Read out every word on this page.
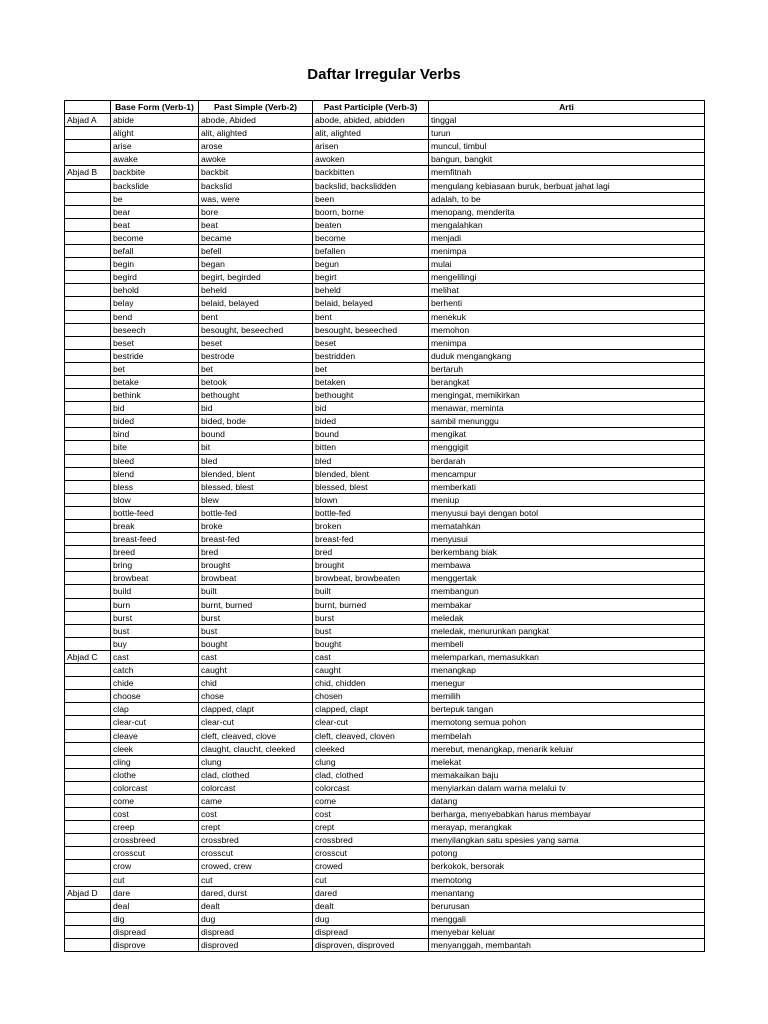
Daftar Irregular Verbs
	Base Form (Verb-1)	Past Simple (Verb-2)	Past Participle (Verb-3)	Arti
Abjad A	abide	abode, Abided	abode, abided, abidden	tinggal
	alight	alit, alighted	alit, alighted	turun
	arise	arose	arisen	muncul, timbul
	awake	awoke	awoken	bangun, bangkit
Abjad B	backbite	backbit	backbitten	memfitnah
	backslide	backslid	backslid, backslidden	mengulang kebiasaan buruk, berbuat jahat lagi
	be	was, were	been	adalah, to be
	bear	bore	boorn, borne	menopang, menderita
	beat	beat	beaten	mengalahkan
	become	became	become	menjadi
	befall	befell	befallen	menimpa
	begin	began	begun	mulai
	begird	begirt, begirded	begirt	mengelilingi
	behold	beheld	beheld	melihat
	belay	belaid, belayed	belaid, belayed	berhenti
	bend	bent	bent	menekuk
	beseech	besought, beseeched	besought, beseeched	memohon
	beset	beset	beset	menimpa
	bestride	bestrode	bestridden	duduk mengangkang
	bet	bet	bet	bertaruh
	betake	betook	betaken	berangkat
	bethink	bethought	bethought	mengingat, memikirkan
	bid	bid	bid	menawar, meminta
	bided	bided, bode	bided	sambil menunggu
	bind	bound	bound	mengikat
	bite	bit	bitten	menggigit
	bleed	bled	bled	berdarah
	blend	blended, blent	blended, blent	mencampur
	bless	blessed, blest	blessed, blest	memberkati
	blow	blew	blown	meniup
	bottle-feed	bottle-fed	bottle-fed	menyusui bayi dengan botol
	break	broke	broken	mematahkan
	breast-feed	breast-fed	breast-fed	menyusui
	breed	bred	bred	berkembang biak
	bring	brought	brought	membawa
	browbeat	browbeat	browbeat, browbeaten	menggertak
	build	built	built	membangun
	burn	burnt, burned	burnt, burned	membakar
	burst	burst	burst	meledak
	bust	bust	bust	meledak, menurunkan pangkat
	buy	bought	bought	membeli
Abjad C	cast	cast	cast	melemparkan, memasukkan
	catch	caught	caught	menangkap
	chide	chid	chid, chidden	menegur
	choose	chose	chosen	memilih
	clap	clapped, clapt	clapped, clapt	bertepuk tangan
	clear-cut	clear-cut	clear-cut	memotong semua pohon
	cleave	cleft, cleaved, clove	cleft, cleaved, cloven	membelah
	cleek	claught, claucht, cleeked	cleeked	merebut, menangkap, menarik keluar
	cling	clung	clung	melekat
	clothe	clad, clothed	clad, clothed	memakaikan baju
	colorcast	colorcast	colorcast	menyiarkan dalam warna melalui tv
	come	came	come	datang
	cost	cost	cost	berharga, menyebabkan harus membayar
	creep	crept	crept	merayap, merangkak
	crossbreed	crossbred	crossbred	menyilangkan satu spesies yang sama
	crosscut	crosscut	crosscut	potong
	crow	crowed, crew	crowed	berkokok, bersorak
	cut	cut	cut	memotong
Abjad D	dare	dared, durst	dared	menantang
	deal	dealt	dealt	berurusan
	dig	dug	dug	menggali
	dispread	dispread	dispread	menyebar keluar
	disprove	disproved	disproven, disproved	menyanggah, membantah
